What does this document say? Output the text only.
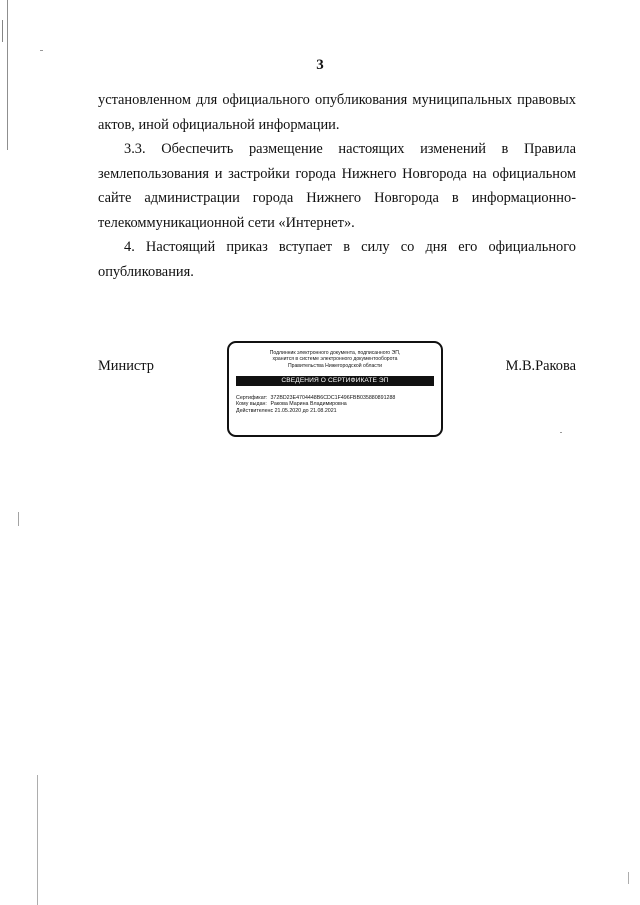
3

установленном для официального опубликования муниципальных правовых актов, иной официальной информации.

3.3. Обеспечить размещение настоящих изменений в Правила землепользования и застройки города Нижнего Новгорода на официальном сайте администрации города Нижнего Новгорода в информационно-телекоммуникационной сети «Интернет».

4. Настоящий приказ вступает в силу со дня его официального опубликования.

Министр
Подлинник электронного документа, подписанного ЭП,
хранится в системе электронного документооборота
Правительства Нижегородской области
СВЕДЕНИЯ О СЕРТИФИКАТЕ ЭП
Сертификат: 372BD23E4704448B6CDC1F496FBB035880891288
Кому выдан: Ракова Марина Владимировна
Действителен: с 21.05.2020 до 21.08.2021
М.В.Ракова
